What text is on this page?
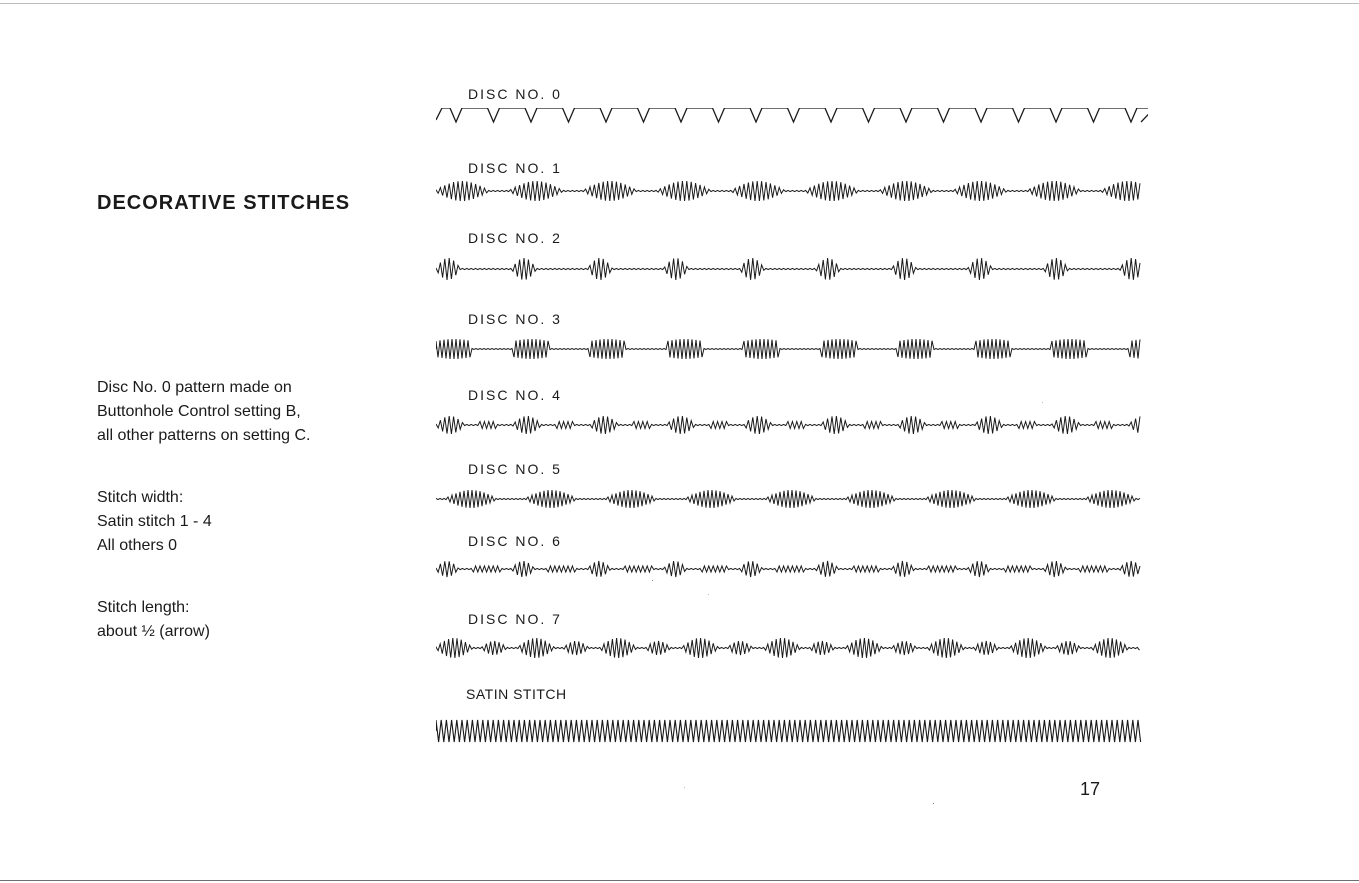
DECORATIVE STITCHES

Disc No. 0 pattern made on
Buttonhole Control setting B,
all other patterns on setting C.

Stitch width:
Satin stitch 1 - 4
All others 0

Stitch length:
about ½ (arrow)

DISC NO. 0

DISC NO. 1

DISC NO. 2

DISC NO. 3

DISC NO. 4

DISC NO. 5

DISC NO. 6

DISC NO. 7

SATIN STITCH

17
